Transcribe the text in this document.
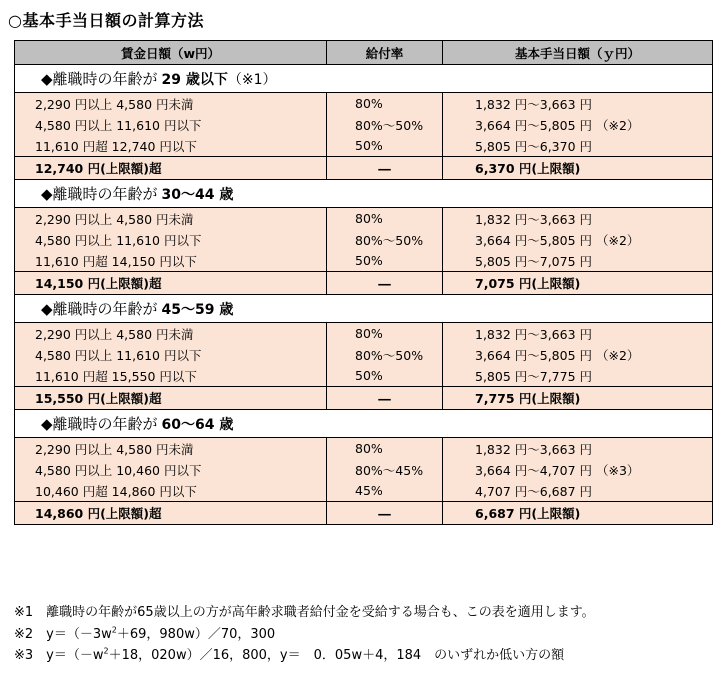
○基本手当日額の計算方法
賃金日額（w円）	給付率	基本手当日額（ｙ円）
◆離職時の年齢が 29 歳以下（※1）		
2,290 円以上 4,580 円未満	80%	1,832 円～3,663 円
4,580 円以上 11,610 円以下	80%～50%	3,664 円～5,805 円 （※2）
11,610 円超 12,740 円以下	50%	5,805 円～6,370 円
12,740 円(上限額)超	―	6,370 円(上限額)
◆離職時の年齢が 30～44 歳		
2,290 円以上 4,580 円未満	80%	1,832 円～3,663 円
4,580 円以上 11,610 円以下	80%～50%	3,664 円～5,805 円 （※2）
11,610 円超 14,150 円以下	50%	5,805 円～7,075 円
14,150 円(上限額)超	―	7,075 円(上限額)
◆離職時の年齢が 45～59 歳		
2,290 円以上 4,580 円未満	80%	1,832 円～3,663 円
4,580 円以上 11,610 円以下	80%～50%	3,664 円～5,805 円 （※2）
11,610 円超 15,550 円以下	50%	5,805 円～7,775 円
15,550 円(上限額)超	―	7,775 円(上限額)
◆離職時の年齢が 60～64 歳		
2,290 円以上 4,580 円未満	80%	1,832 円～3,663 円
4,580 円以上 10,460 円以下	80%～45%	3,664 円～4,707 円 （※3）
10,460 円超 14,860 円以下	45%	4,707 円～6,687 円
14,860 円(上限額)超	―	6,687 円(上限額)
※1　離職時の年齢が65歳以上の方が高年齢求職者給付金を受給する場合も、この表を適用します。
※2　$y=(-3w^2+69$，980w）／70，300
※3　$y=(-w^2+18$，020w）／16，800，y＝　0．05w＋4，184　のいずれか低い方の額
